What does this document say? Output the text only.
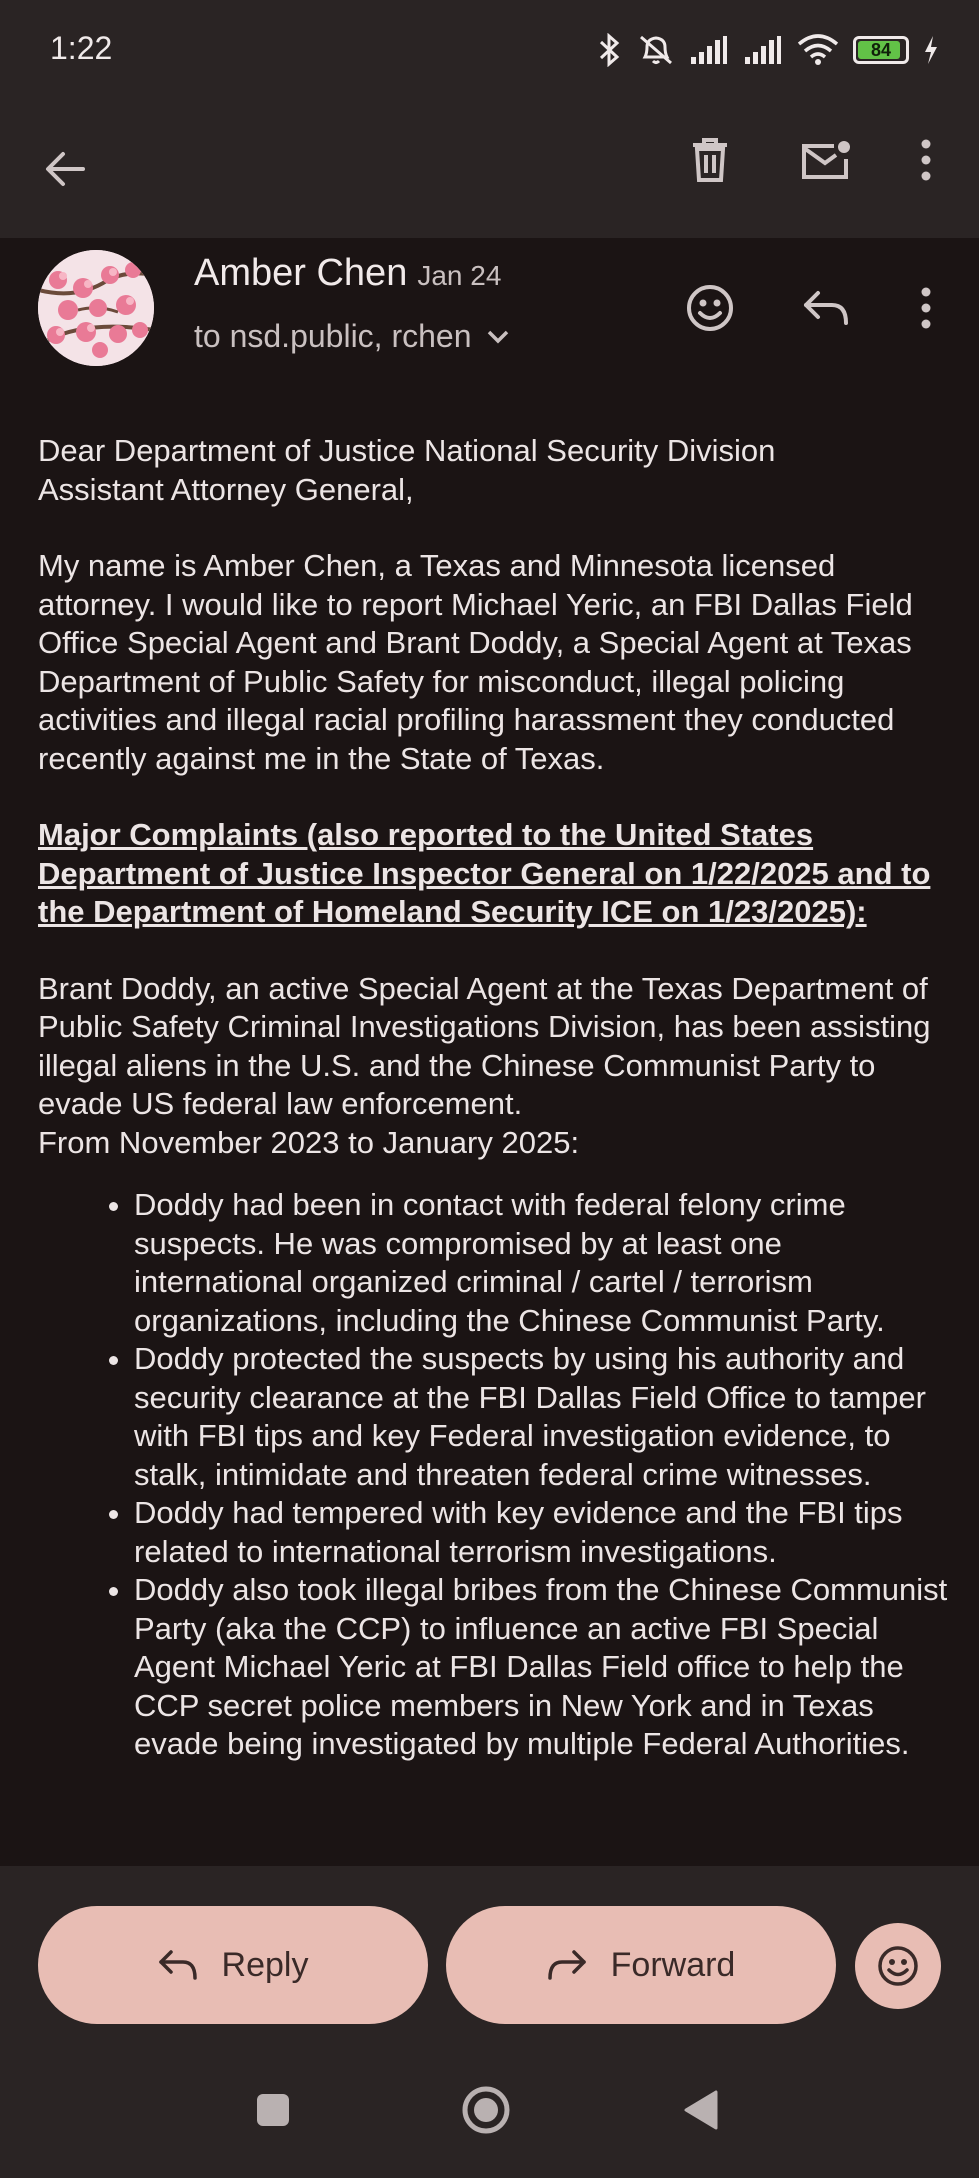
1:22	84
Amber Chen Jan 24
to nsd.public, rchen

Dear Department of Justice National Security Division
Assistant Attorney General,

My name is Amber Chen, a Texas and Minnesota licensed attorney. I would like to report Michael Yeric, an FBI Dallas Field Office Special Agent and Brant Doddy, a Special Agent at Texas Department of Public Safety for misconduct, illegal policing activities and illegal racial profiling harassment they conducted recently against me in the State of Texas.

Major Complaints (also reported to the United States Department of Justice Inspector General on 1/22/2025 and to the Department of Homeland Security ICE on 1/23/2025):

Brant Doddy, an active Special Agent at the Texas Department of Public Safety Criminal Investigations Division, has been assisting illegal aliens in the U.S. and the Chinese Communist Party to evade US federal law enforcement.

From November 2023 to January 2025:

• Doddy had been in contact with federal felony crime suspects. He was compromised by at least one international organized criminal / cartel / terrorism organizations, including the Chinese Communist Party.
• Doddy protected the suspects by using his authority and security clearance at the FBI Dallas Field Office to tamper with FBI tips and key Federal investigation evidence, to stalk, intimidate and threaten federal crime witnesses.
• Doddy had tempered with key evidence and the FBI tips related to international terrorism investigations.
• Doddy also took illegal bribes from the Chinese Communist Party (aka the CCP) to influence an active FBI Special Agent Michael Yeric at FBI Dallas Field office to help the CCP secret police members in New York and in Texas evade being investigated by multiple Federal Authorities.
Reply	Forward
